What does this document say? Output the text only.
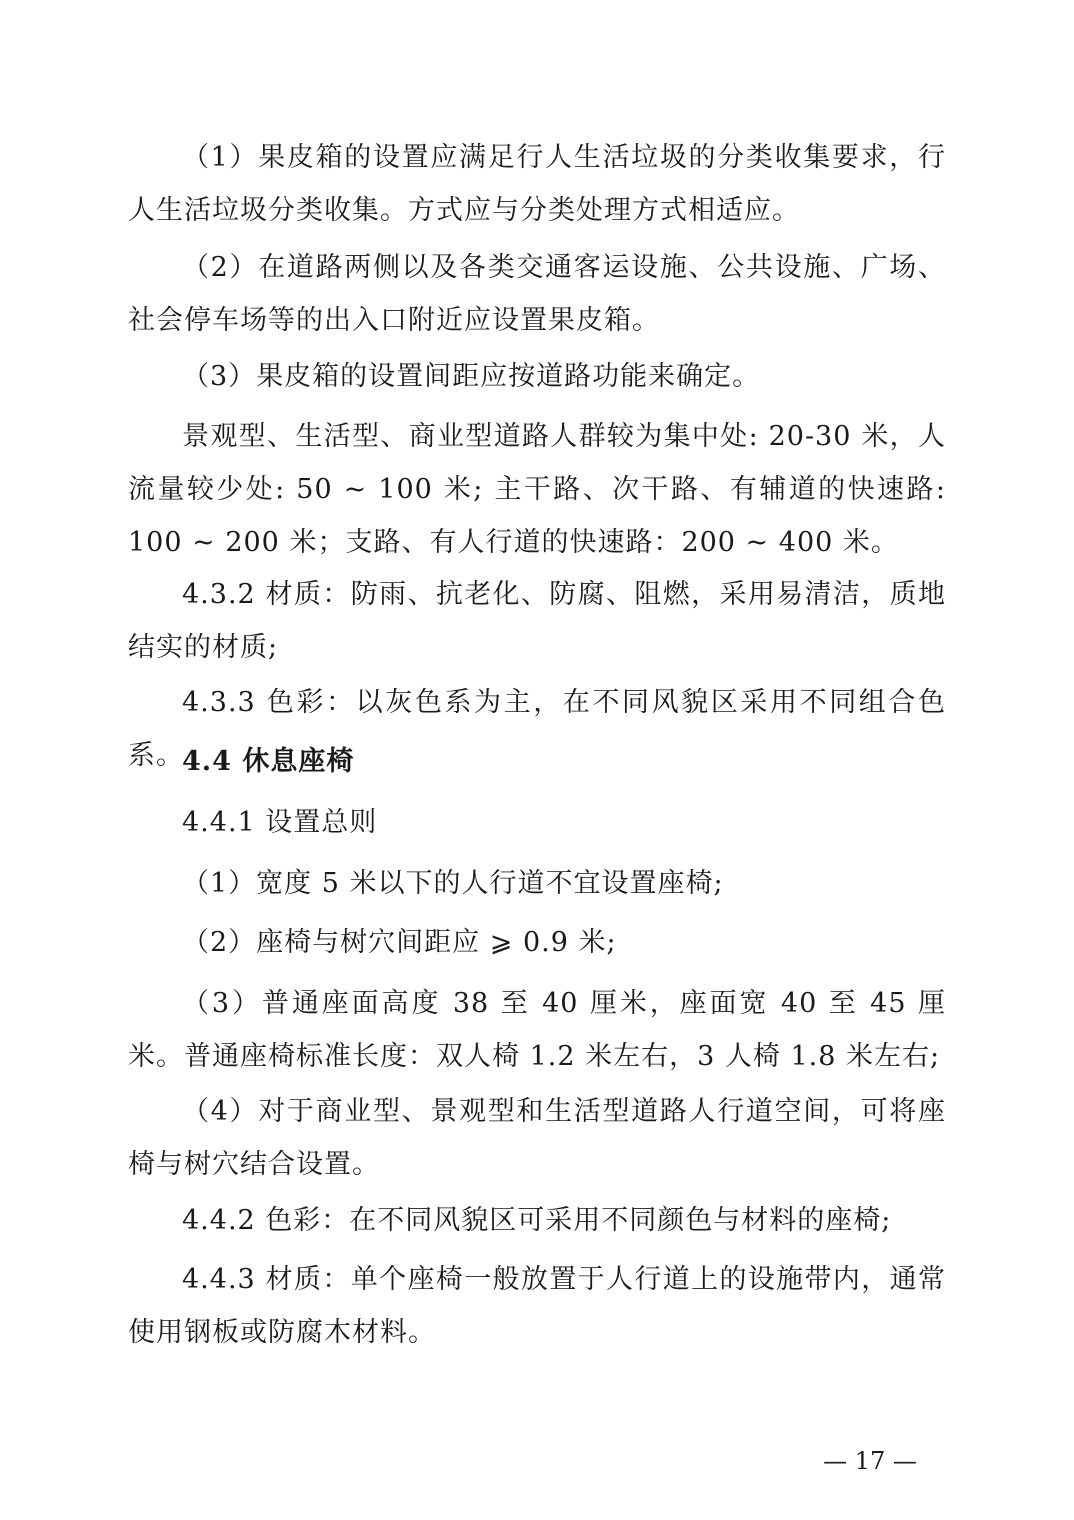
（1）果皮箱的设置应满足行人生活垃圾的分类收集要求，行人生活垃圾分类收集。方式应与分类处理方式相适应。

（2）在道路两侧以及各类交通客运设施、公共设施、广场、社会停车场等的出入口附近应设置果皮箱。

（3）果皮箱的设置间距应按道路功能来确定。

景观型、生活型、商业型道路人群较为集中处: 20-30 米，人流量较少处: 50 ~ 100 米; 主干路、次干路、有辅道的快速路: 100 ~ 200 米；支路、有人行道的快速路：200 ~ 400 米。

4.3.2 材质：防雨、抗老化、防腐、阻燃，采用易清洁，质地结实的材质;

4.3.3 色彩：以灰色系为主，在不同风貌区采用不同组合色系。

4.4 休息座椅

4.4.1 设置总则

（1）宽度 5 米以下的人行道不宜设置座椅;

（2）座椅与树穴间距应 ⩾ 0.9 米;

（3）普通座面高度 38 至 40 厘米，座面宽 40 至 45 厘米。普通座椅标准长度：双人椅 1.2 米左右，3 人椅 1.8 米左右;

（4）对于商业型、景观型和生活型道路人行道空间，可将座椅与树穴结合设置。

4.4.2 色彩：在不同风貌区可采用不同颜色与材料的座椅;

4.4.3 材质：单个座椅一般放置于人行道上的设施带内，通常使用钢板或防腐木材料。

— 17 —
